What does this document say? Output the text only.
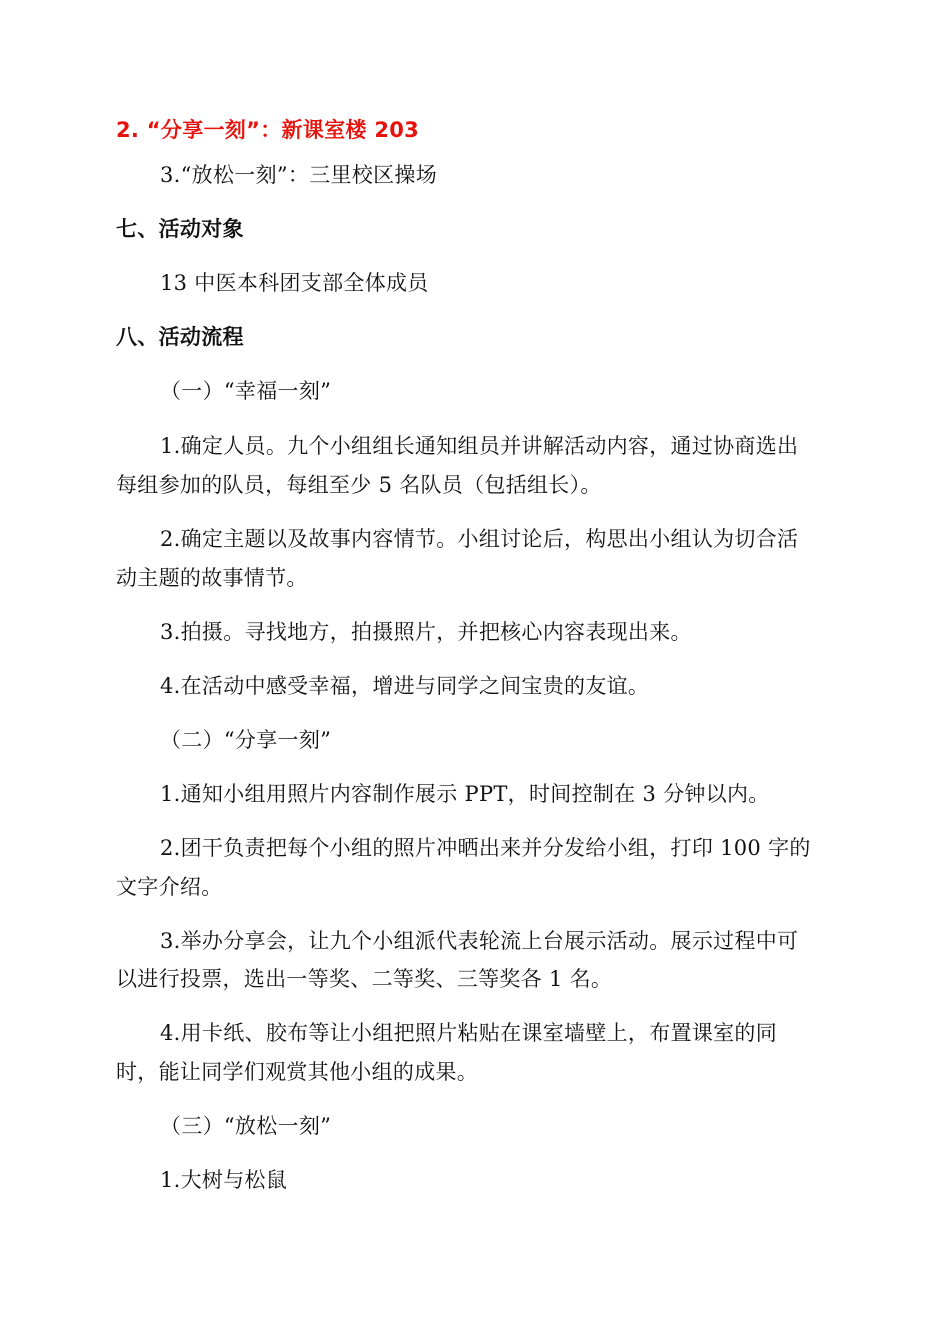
2. “分享一刻”：新课室楼 203
3.“放松一刻”：三里校区操场
七、活动对象
13 中医本科团支部全体成员
八、活动流程
（一）“幸福一刻”
1.确定人员。九个小组组长通知组员并讲解活动内容，通过协商选出
每组参加的队员，每组至少 5 名队员（包括组长）。
2.确定主题以及故事内容情节。小组讨论后，构思出小组认为切合活
动主题的故事情节。
3.拍摄。寻找地方，拍摄照片，并把核心内容表现出来。
4.在活动中感受幸福，增进与同学之间宝贵的友谊。
（二）“分享一刻”
1.通知小组用照片内容制作展示 PPT，时间控制在 3 分钟以内。
2.团干负责把每个小组的照片冲晒出来并分发给小组，打印 100 字的
文字介绍。
3.举办分享会，让九个小组派代表轮流上台展示活动。展示过程中可
以进行投票，选出一等奖、二等奖、三等奖各 1 名。
4.用卡纸、胶布等让小组把照片粘贴在课室墙壁上，布置课室的同
时，能让同学们观赏其他小组的成果。
（三）“放松一刻”
1.大树与松鼠
